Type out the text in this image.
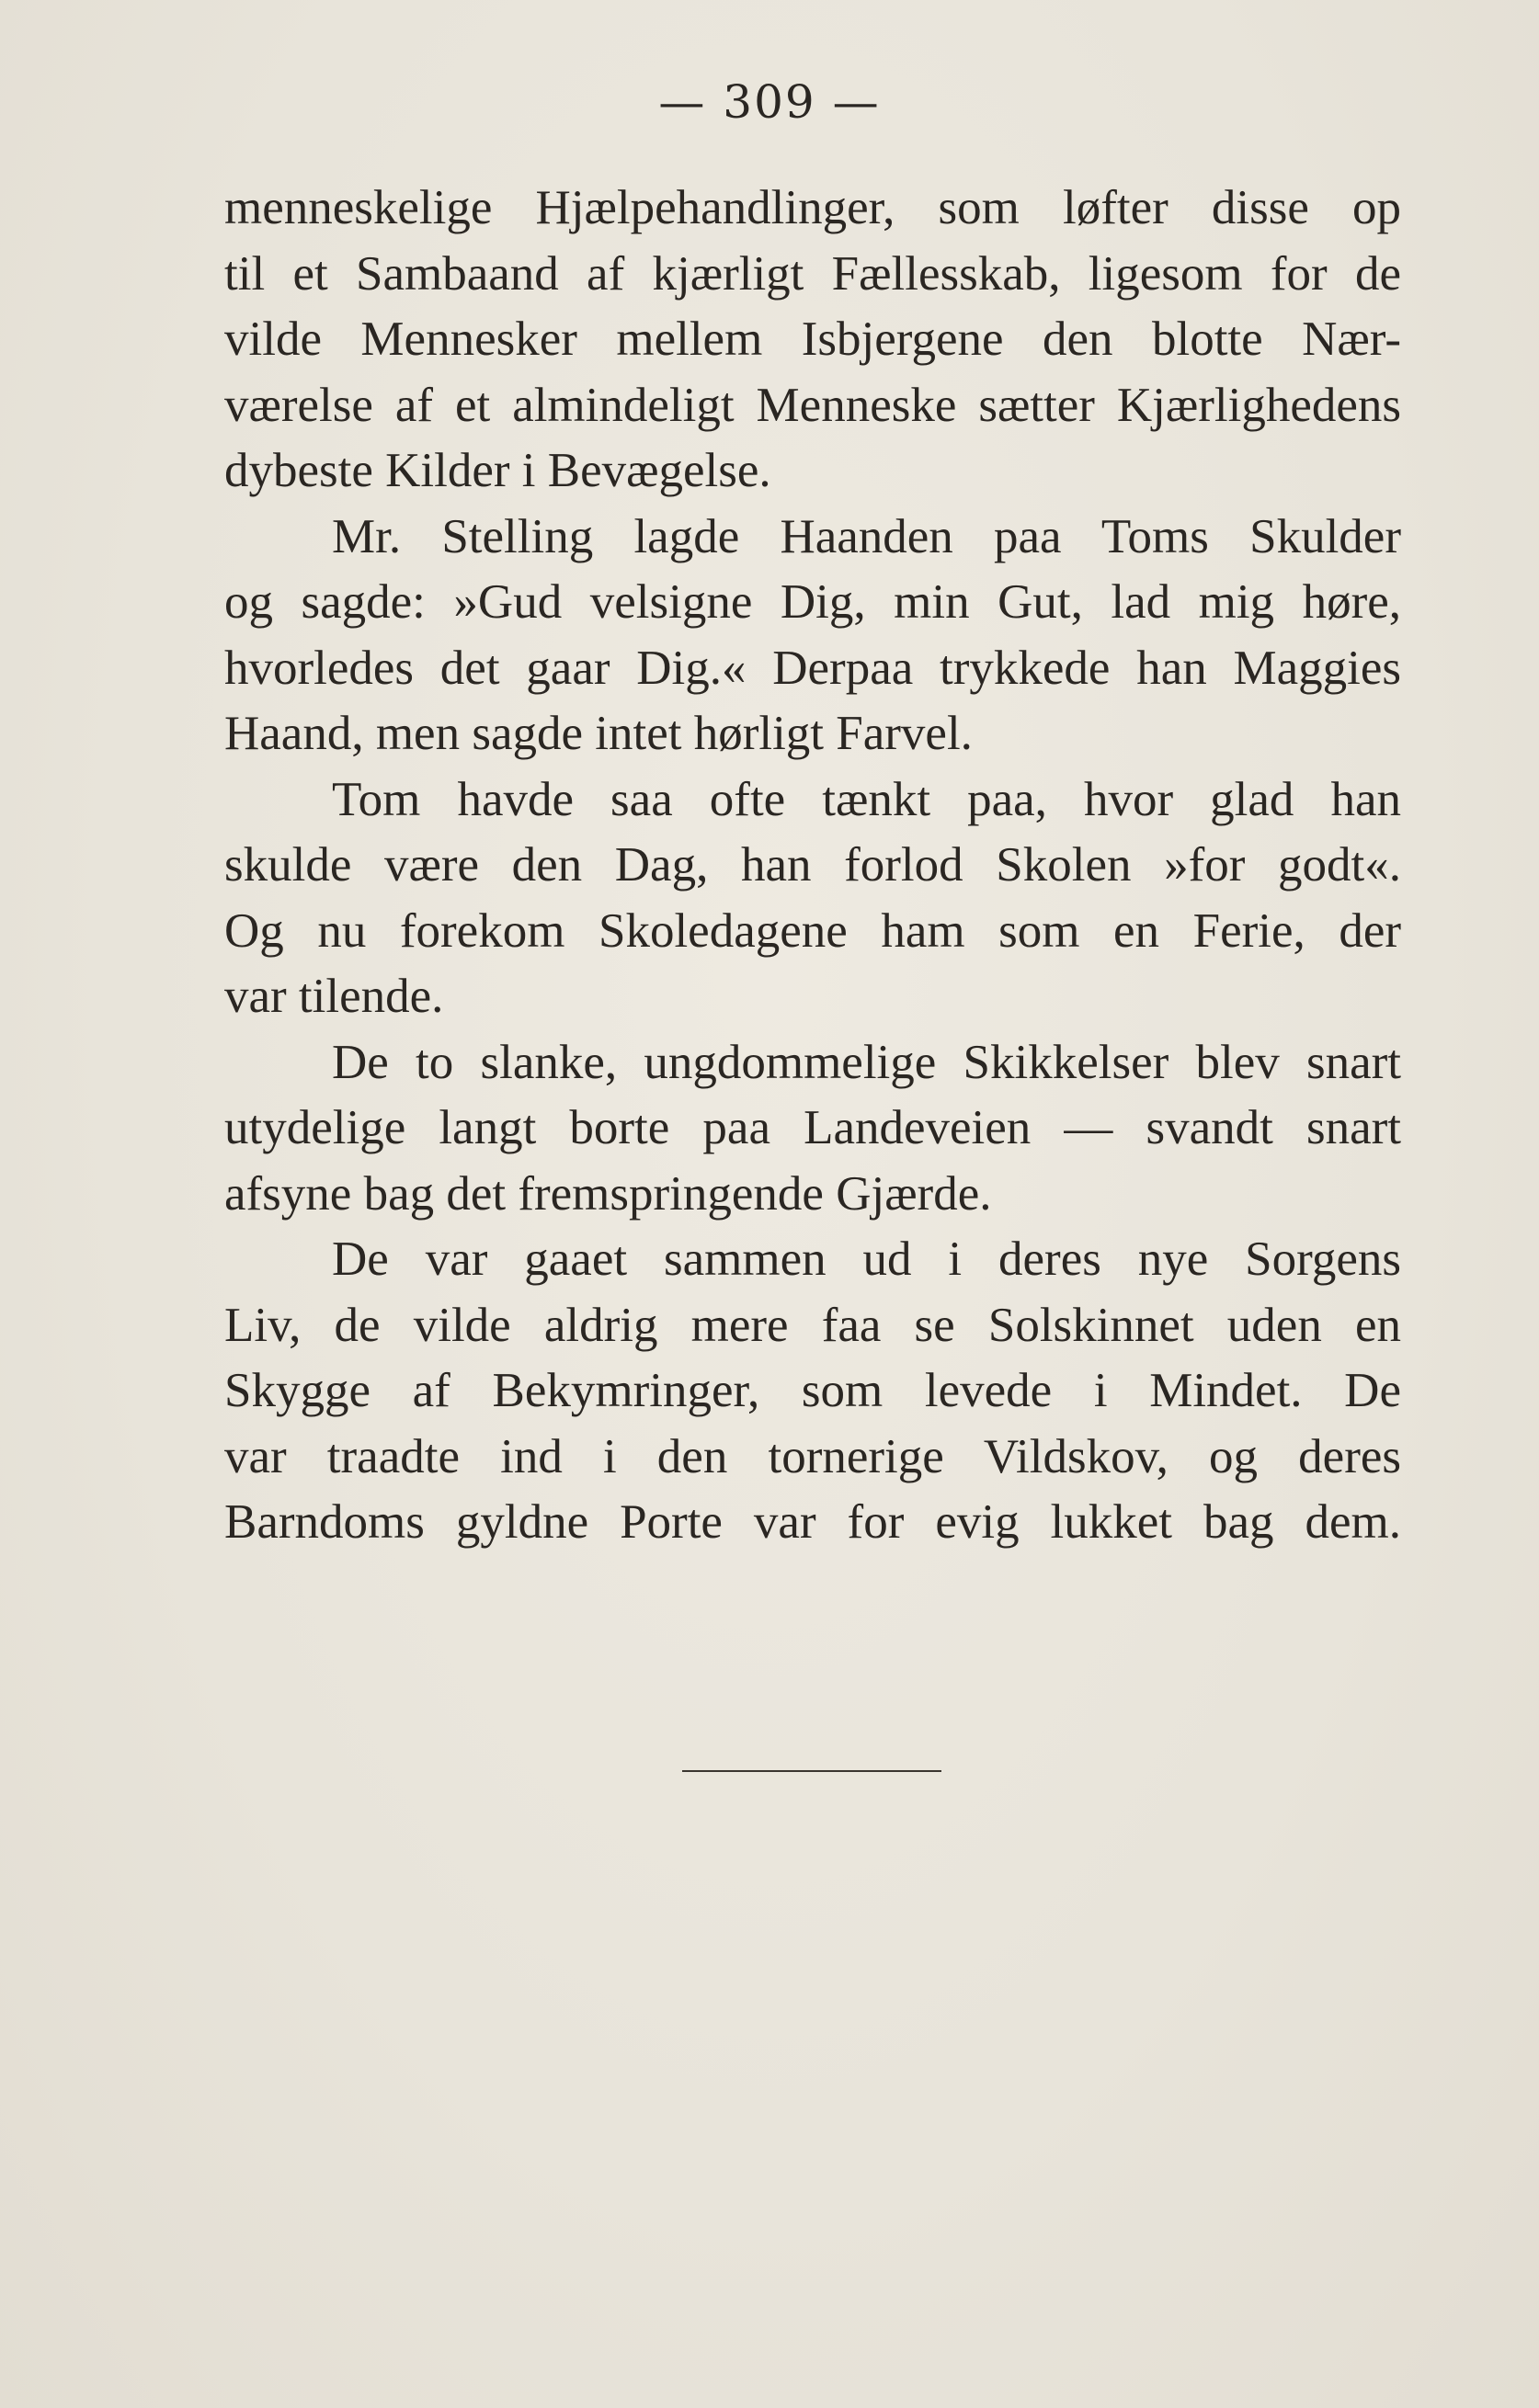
— 309 —
menneskelige Hjælpehandlinger, som løfter disse op
til et Sambaand af kjærligt Fællesskab, ligesom for de
vilde Mennesker mellem Isbjergene den blotte Nær-
værelse af et almindeligt Menneske sætter Kjærlighedens
dybeste Kilder i Bevægelse.
Mr. Stelling lagde Haanden paa Toms Skulder
og sagde: »Gud velsigne Dig, min Gut, lad mig høre,
hvorledes det gaar Dig.« Derpaa trykkede han Maggies
Haand, men sagde intet hørligt Farvel.
Tom havde saa ofte tænkt paa, hvor glad han
skulde være den Dag, han forlod Skolen »for godt«.
Og nu forekom Skoledagene ham som en Ferie, der
var tilende.
De to slanke, ungdommelige Skikkelser blev snart
utydelige langt borte paa Landeveien — svandt snart
afsyne bag det fremspringende Gjærde.
De var gaaet sammen ud i deres nye Sorgens
Liv, de vilde aldrig mere faa se Solskinnet uden en
Skygge af Bekymringer, som levede i Mindet. De
var traadte ind i den tornerige Vildskov, og deres
Barndoms gyldne Porte var for evig lukket bag dem.
